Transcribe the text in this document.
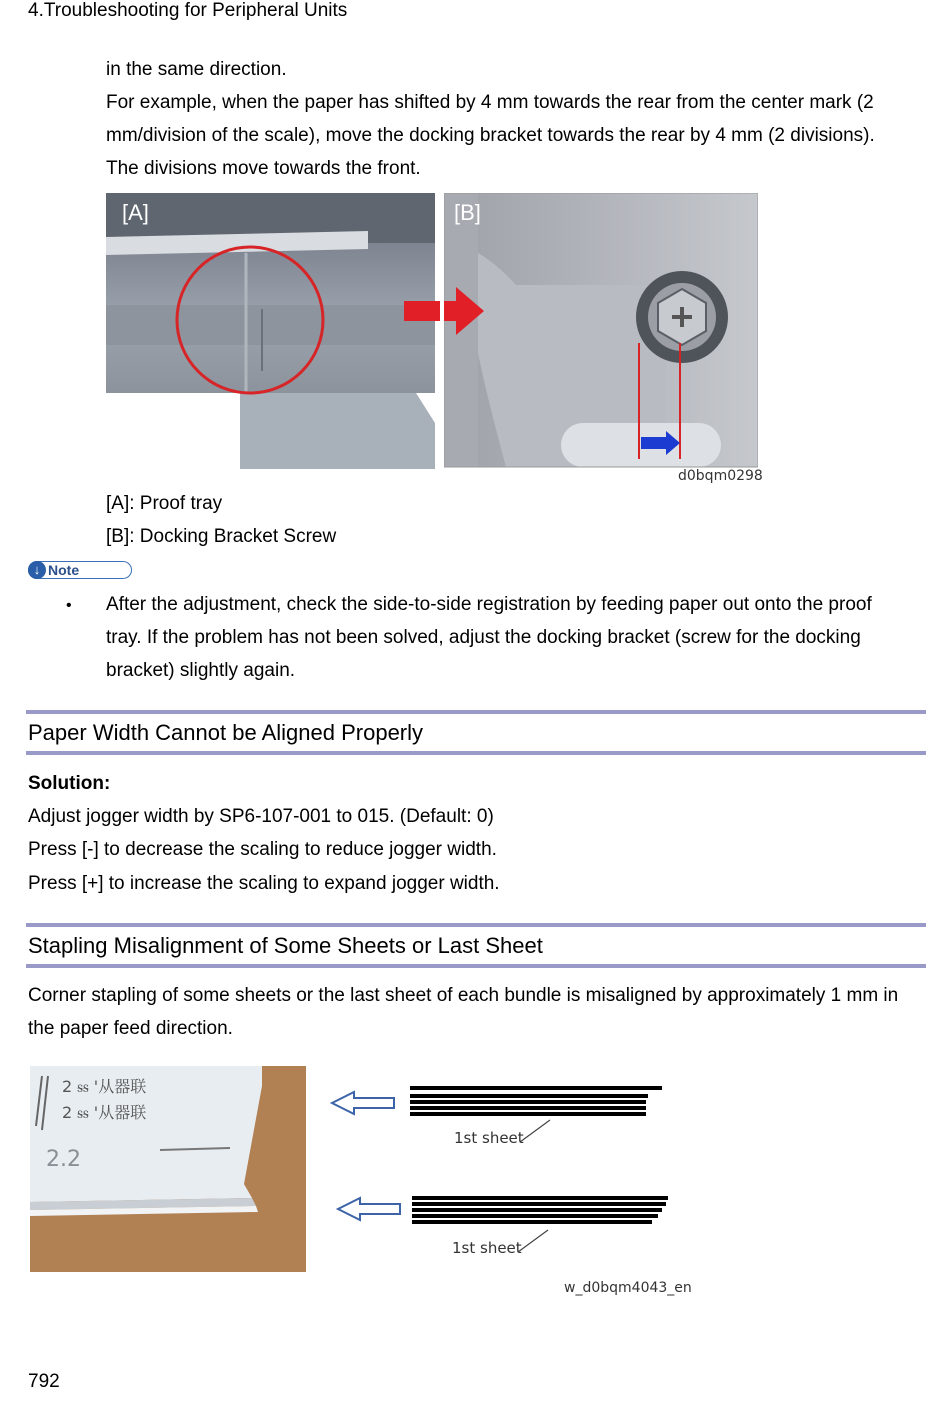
4.Troubleshooting for Peripheral Units
in the same direction.
For example, when the paper has shifted by 4 mm towards the rear from the center mark (2
mm/division of the scale), move the docking bracket towards the rear by 4 mm (2 divisions).
The divisions move towards the front.
[A]	[B]
d0bqm0298
[A]: Proof tray
[B]: Docking Bracket Screw
↓ Note
• After the adjustment, check the side-to-side registration by feeding paper out onto the proof
tray. If the problem has not been solved, adjust the docking bracket (screw for the docking
bracket) slightly again.
Paper Width Cannot be Aligned Properly
Solution:
Adjust jogger width by SP6-107-001 to 015. (Default: 0)
Press [-] to decrease the scaling to reduce jogger width.
Press [+] to increase the scaling to expand jogger width.
Stapling Misalignment of Some Sheets or Last Sheet
Corner stapling of some sheets or the last sheet of each bundle is misaligned by approximately 1 mm in
the paper feed direction.
2 ꭶꭶ '从器联
2 ꭶꭶ '从器联
2.2
1st sheet
1st sheet
w_d0bqm4043_en
792
